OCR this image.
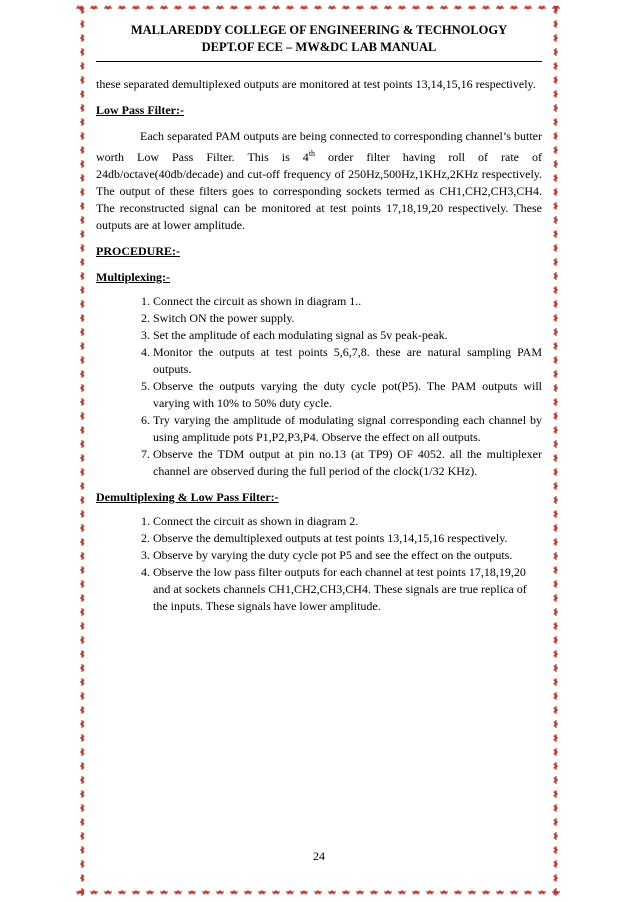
MALLAREDDY COLLEGE OF ENGINEERING & TECHNOLOGY
DEPT.OF ECE – MW&DC LAB MANUAL

these separated demultiplexed outputs are monitored at test points 13,14,15,16 respectively.

Low Pass Filter:-

Each separated PAM outputs are being connected to corresponding channel’s butter worth Low Pass Filter. This is 4th order filter having roll of rate of 24db/octave(40db/decade) and cut-off frequency of 250Hz,500Hz,1KHz,2KHz respectively. The output of these filters goes to corresponding sockets termed as CH1,CH2,CH3,CH4. The reconstructed signal can be monitored at test points 17,18,19,20 respectively. These outputs are at lower amplitude.

PROCEDURE:-

Multiplexing:-

1. Connect the circuit as shown in diagram 1..
2. Switch ON the power supply.
3. Set the amplitude of each modulating signal as 5v peak-peak.
4. Monitor the outputs at test points 5,6,7,8. these are natural sampling PAM outputs.
5. Observe the outputs varying the duty cycle pot(P5). The PAM outputs will varying with 10% to 50% duty cycle.
6. Try varying the amplitude of modulating signal corresponding each channel by using amplitude pots P1,P2,P3,P4. Observe the effect on all outputs.
7. Observe the TDM output at pin no.13 (at TP9) OF 4052. all the multiplexer channel are observed during the full period of the clock(1/32 KHz).

Demultiplexing & Low Pass Filter:-

1. Connect the circuit as shown in diagram 2.
2. Observe the demultiplexed outputs at test points 13,14,15,16 respectively.
3. Observe by varying the duty cycle pot P5 and see the effect on the outputs.
4. Observe the low pass filter outputs for each channel at test points 17,18,19,20 and at sockets channels CH1,CH2,CH3,CH4. These signals are true replica of the inputs. These signals have lower amplitude.
24
